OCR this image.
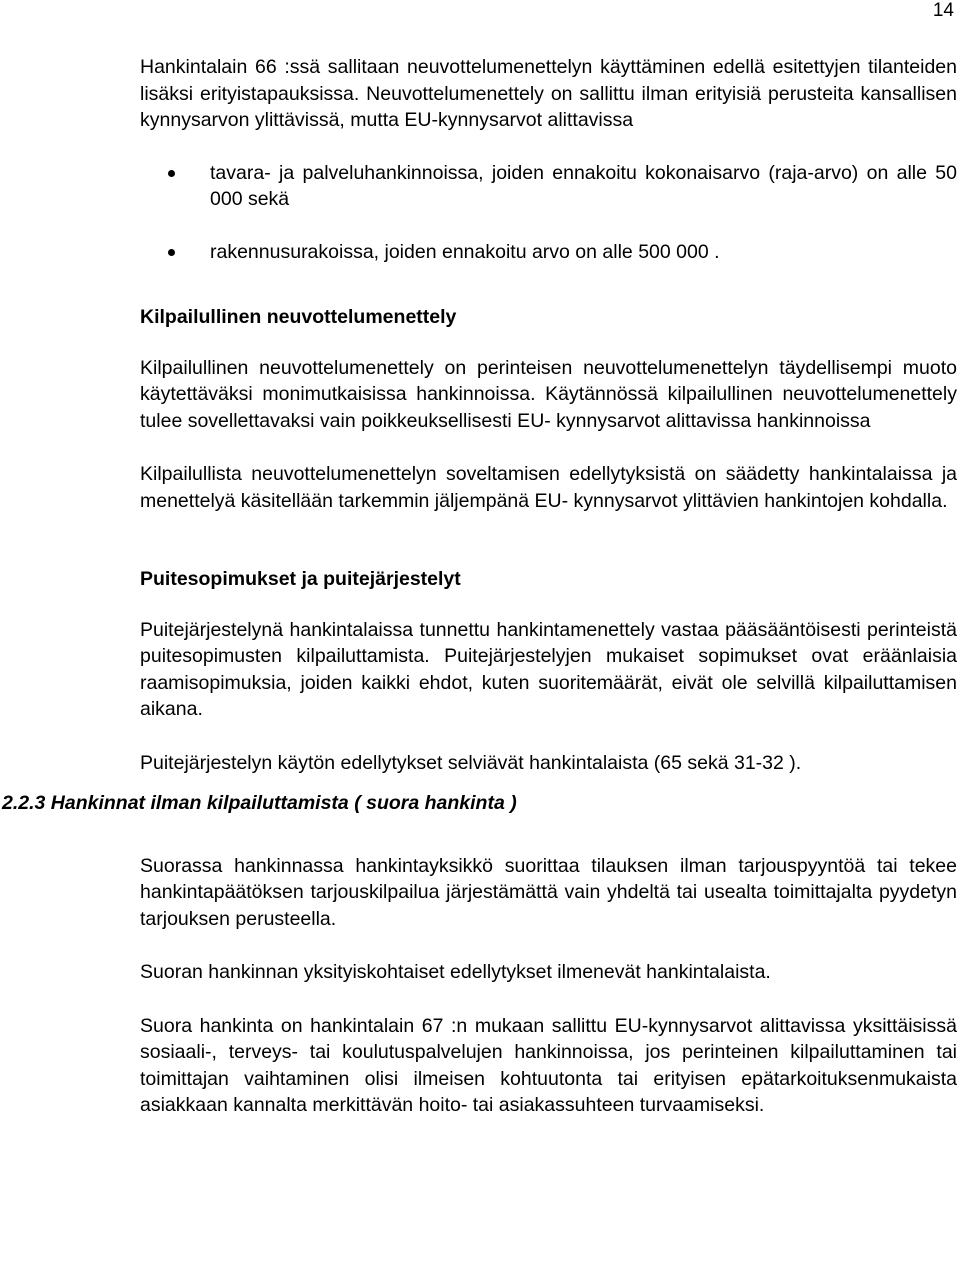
14

Hankintalain 66 :ssä sallitaan neuvottelumenettelyn käyttäminen edellä esitettyjen tilanteiden lisäksi erityistapauksissa. Neuvottelumenettely on sallittu ilman erityisiä perusteita kansallisen kynnysarvon ylittävissä, mutta EU-kynnysarvot alittavissa

tavara- ja palveluhankinnoissa, joiden ennakoitu kokonaisarvo (raja-arvo) on alle 50 000 sekä
rakennusurakoissa, joiden ennakoitu arvo on alle 500 000 .
Kilpailullinen neuvottelumenettely

Kilpailullinen neuvottelumenettely on perinteisen neuvottelumenettelyn täydellisempi muoto käytettäväksi monimutkaisissa hankinnoissa. Käytännössä kilpailullinen neuvottelumenettely tulee sovellettavaksi vain poikkeuksellisesti EU- kynnysarvot alittavissa hankinnoissa

Kilpailullista neuvottelumenettelyn soveltamisen edellytyksistä on säädetty hankintalaissa ja menettelyä käsitellään tarkemmin jäljempänä EU- kynnysarvot ylittävien hankintojen kohdalla.

Puitesopimukset ja puitejärjestelyt

Puitejärjestelynä hankintalaissa tunnettu hankintamenettely vastaa pääsääntöisesti perinteistä puitesopimusten kilpailuttamista. Puitejärjestelyjen mukaiset sopimukset ovat eräänlaisia raamisopimuksia, joiden kaikki ehdot, kuten suoritemäärät, eivät ole selvillä kilpailuttamisen aikana.

Puitejärjestelyn käytön edellytykset selviävät hankintalaista (65 sekä 31-32 ).

2.2.3 Hankinnat ilman kilpailuttamista ( suora hankinta )

Suorassa hankinnassa hankintayksikkö suorittaa tilauksen ilman tarjouspyyntöä tai tekee hankintapäätöksen tarjouskilpailua järjestämättä vain yhdeltä tai usealta toimittajalta pyydetyn tarjouksen perusteella.

Suoran hankinnan yksityiskohtaiset edellytykset ilmenevät hankintalaista.

Suora hankinta on hankintalain 67 :n mukaan sallittu EU-kynnysarvot alittavissa yksittäisissä sosiaali-, terveys- tai koulutuspalvelujen hankinnoissa, jos perinteinen kilpailuttaminen tai toimittajan vaihtaminen olisi ilmeisen kohtuutonta tai erityisen epätarkoituksenmukaista asiakkaan kannalta merkittävän hoito- tai asiakassuhteen turvaamiseksi.
